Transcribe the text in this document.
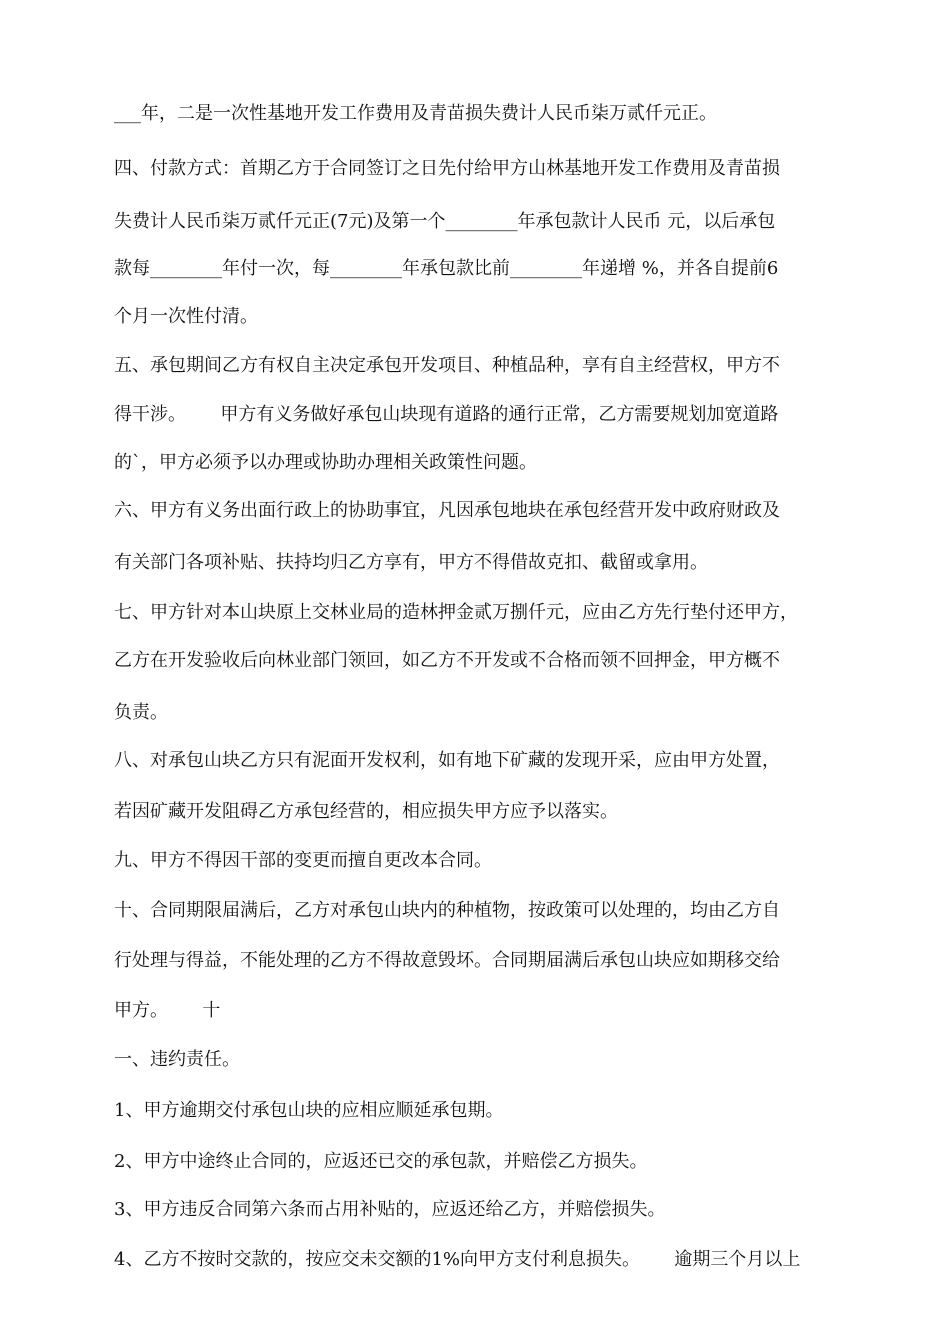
___年，二是一次性基地开发工作费用及青苗损失费计人民币柒万贰仟元正。
四、付款方式：首期乙方于合同签订之日先付给甲方山林基地开发工作费用及青苗损
失费计人民币柒万贰仟元正(7元)及第一个________年承包款计人民币 元，以后承包
款每________年付一次，每________年承包款比前________年递增 %，并各自提前6
个月一次性付清。
五、承包期间乙方有权自主决定承包开发项目、种植品种，享有自主经营权，甲方不
得干涉。      甲方有义务做好承包山块现有道路的通行正常，乙方需要规划加宽道路
的`，甲方必须予以办理或协助办理相关政策性问题。
六、甲方有义务出面行政上的协助事宜，凡因承包地块在承包经营开发中政府财政及
有关部门各项补贴、扶持均归乙方享有，甲方不得借故克扣、截留或拿用。
七、甲方针对本山块原上交林业局的造林押金贰万捌仟元，应由乙方先行垫付还甲方，
乙方在开发验收后向林业部门领回，如乙方不开发或不合格而领不回押金，甲方概不
负责。
八、对承包山块乙方只有泥面开发权利，如有地下矿藏的发现开采，应由甲方处置，
若因矿藏开发阻碍乙方承包经营的，相应损失甲方应予以落实。
九、甲方不得因干部的变更而擅自更改本合同。
十、合同期限届满后，乙方对承包山块内的种植物，按政策可以处理的，均由乙方自
行处理与得益，不能处理的乙方不得故意毁坏。合同期届满后承包山块应如期移交给
甲方。      十
一、违约责任。
1、甲方逾期交付承包山块的应相应顺延承包期。
2、甲方中途终止合同的，应返还已交的承包款，并赔偿乙方损失。
3、甲方违反合同第六条而占用补贴的，应返还给乙方，并赔偿损失。
4、乙方不按时交款的，按应交未交额的1%向甲方支付利息损失。      逾期三个月以上
